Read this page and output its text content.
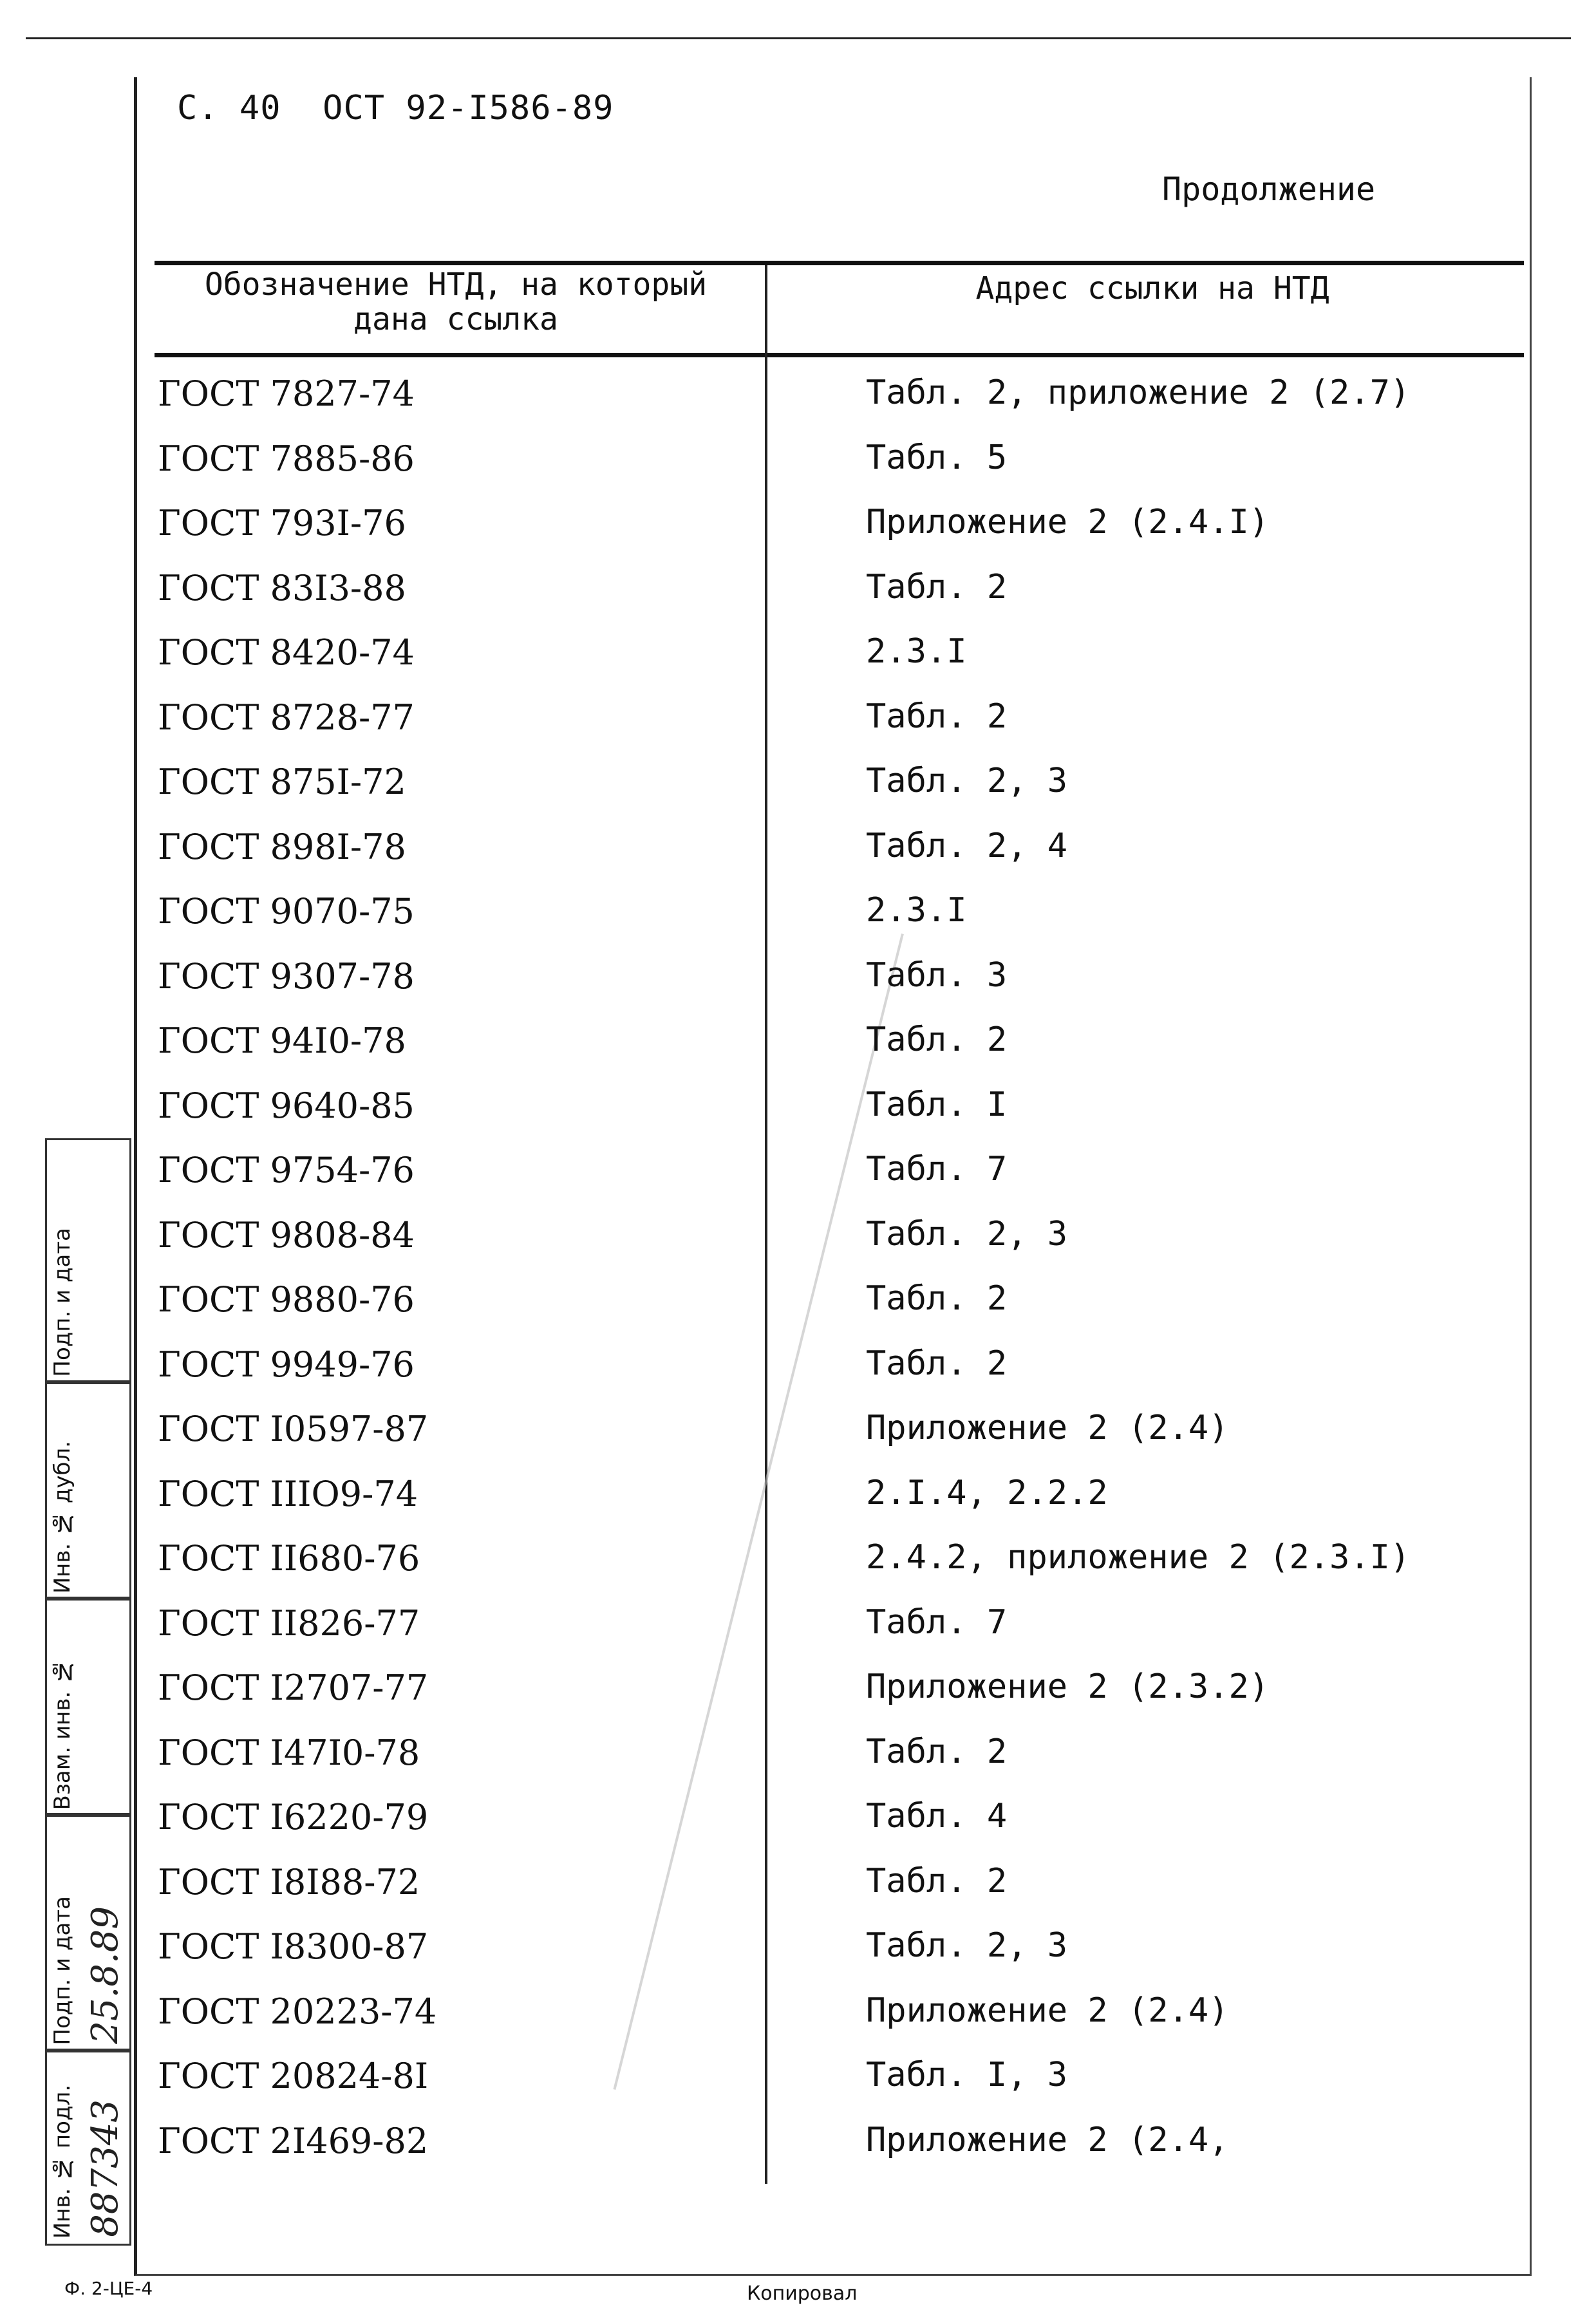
С. 40 ОСТ 92-I586-89
Продолжение
Обозначение НТД, на который дана ссылка
Адрес ссылки на НТД
ГОСТ 7827-74	Табл. 2, приложение 2 (2.7)
ГОСТ 7885-86	Табл. 5
ГОСТ 793I-76	Приложение 2 (2.4.I)
ГОСТ 83I3-88	Табл. 2
ГОСТ 8420-74	2.3.I
ГОСТ 8728-77	Табл. 2
ГОСТ 875I-72	Табл. 2, 3
ГОСТ 898I-78	Табл. 2, 4
ГОСТ 9070-75	2.3.I
ГОСТ 9307-78	Табл. 3
ГОСТ 94I0-78	Табл. 2
ГОСТ 9640-85	Табл. I
ГОСТ 9754-76	Табл. 7
ГОСТ 9808-84	Табл. 2, 3
ГОСТ 9880-76	Табл. 2
ГОСТ 9949-76	Табл. 2
ГОСТ I0597-87	Приложение 2 (2.4)
ГОСТ IIIO9-74	2.I.4, 2.2.2
ГОСТ II680-76	2.4.2, приложение 2 (2.3.I)
ГОСТ II826-77	Табл. 7
ГОСТ I2707-77	Приложение 2 (2.3.2)
ГОСТ I47I0-78	Табл. 2
ГОСТ I6220-79	Табл. 4
ГОСТ I8I88-72	Табл. 2
ГОСТ I8300-87	Табл. 2, 3
ГОСТ 20223-74	Приложение 2 (2.4)
ГОСТ 20824-8I	Табл. I, 3
ГОСТ 2I469-82	Приложение 2 (2.4,
Подп. и дата
Инв. № дубл.
Взам. инв. №
Подп. и дата 25.8.89
Инв. № подл. 887343
Ф. 2-ЦЕ-4	Копировал
